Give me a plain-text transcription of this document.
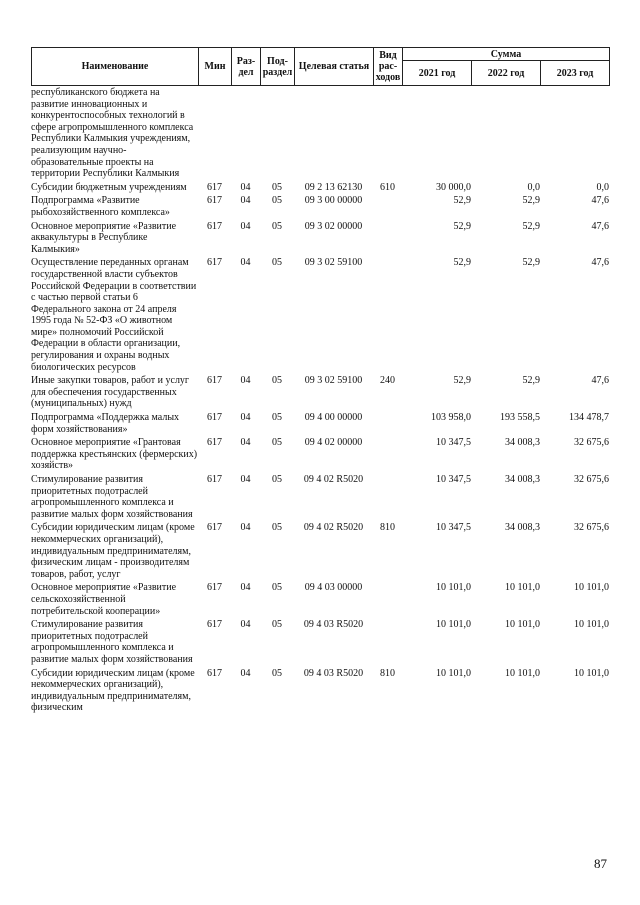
Наименование	Мин	Раз-дел	Под-раздел	Целевая статья	Вид рас-ходов	Сумма		
						2021 год	2022 год	2023 год
республиканского бюджета на развитие инновационных и конкурентоспособных технологий в сфере агропромышленного комплекса Республики Калмыкия учреждениям, реализующим научно-образовательные проекты на территории Республики Калмыкия								
Субсидии бюджетным учреждениям	617	04	05	09 2 13 62130	610	30 000,0	0,0	0,0
Подпрограмма «Развитие рыбохозяйственного комплекса»	617	04	05	09 3 00 00000		52,9	52,9	47,6
Основное мероприятие «Развитие аквакультуры в Республике Калмыкия»	617	04	05	09 3 02 00000		52,9	52,9	47,6
Осуществление переданных органам государственной власти субъектов Российской Федерации в соответствии с частью первой статьи 6 Федерального закона от 24 апреля 1995 года № 52-ФЗ «О животном мире» полномочий Российской Федерации в области организации, регулирования и охраны водных биологических ресурсов	617	04	05	09 3 02 59100		52,9	52,9	47,6
Иные закупки товаров, работ и услуг для обеспечения государственных (муниципальных) нужд	617	04	05	09 3 02 59100	240	52,9	52,9	47,6
Подпрограмма «Поддержка малых форм хозяйствования»	617	04	05	09 4 00 00000		103 958,0	193 558,5	134 478,7
Основное мероприятие «Грантовая поддержка крестьянских (фермерских) хозяйств»	617	04	05	09 4 02 00000		10 347,5	34 008,3	32 675,6
Стимулирование развития приоритетных подотраслей агропромышленного комплекса и развитие малых форм хозяйствования	617	04	05	09 4 02 R5020		10 347,5	34 008,3	32 675,6
Субсидии юридическим лицам (кроме некоммерческих организаций), индивидуальным предпринимателям, физическим лицам - производителям товаров, работ, услуг	617	04	05	09 4 02 R5020	810	10 347,5	34 008,3	32 675,6
Основное мероприятие «Развитие сельскохозяйственной потребительской кооперации»	617	04	05	09 4 03 00000		10 101,0	10 101,0	10 101,0
Стимулирование развития приоритетных подотраслей агропромышленного комплекса и развитие малых форм хозяйствования	617	04	05	09 4 03 R5020		10 101,0	10 101,0	10 101,0
Субсидии юридическим лицам (кроме некоммерческих организаций), индивидуальным предпринимателям, физическим	617	04	05	09 4 03 R5020	810	10 101,0	10 101,0	10 101,0
87
